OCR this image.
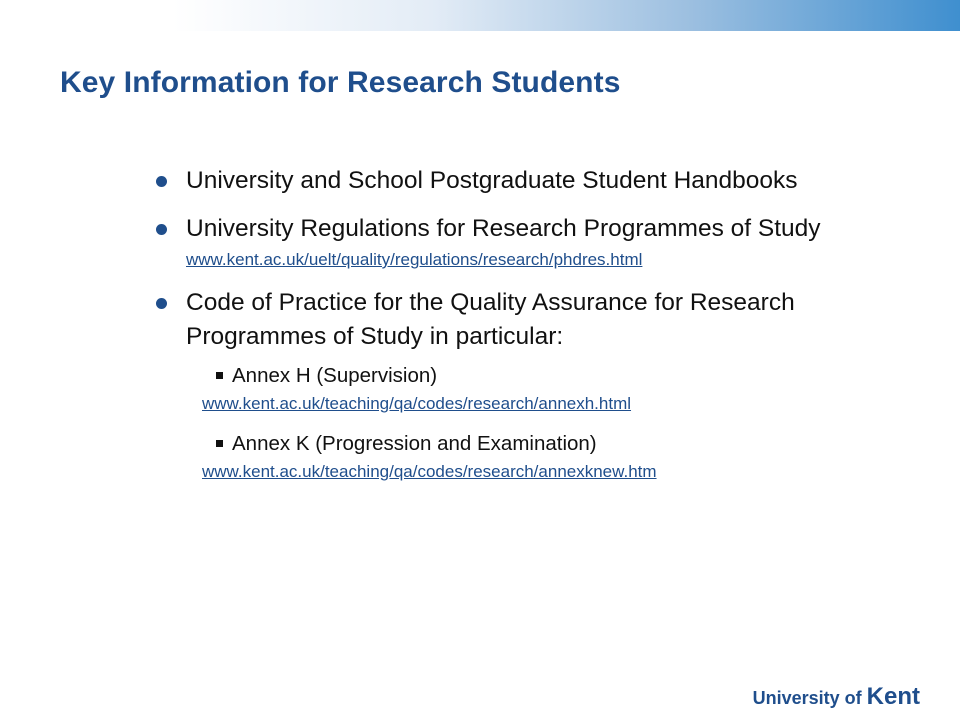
Key Information for Research Students
University and School Postgraduate Student Handbooks
University Regulations for Research Programmes of Study
www.kent.ac.uk/uelt/quality/regulations/research/phdres.html
Code of Practice for the Quality Assurance for Research Programmes of Study in particular:
Annex H (Supervision)
www.kent.ac.uk/teaching/qa/codes/research/annexh.html
Annex K (Progression and Examination)
www.kent.ac.uk/teaching/qa/codes/research/annexknew.htm
University of Kent
